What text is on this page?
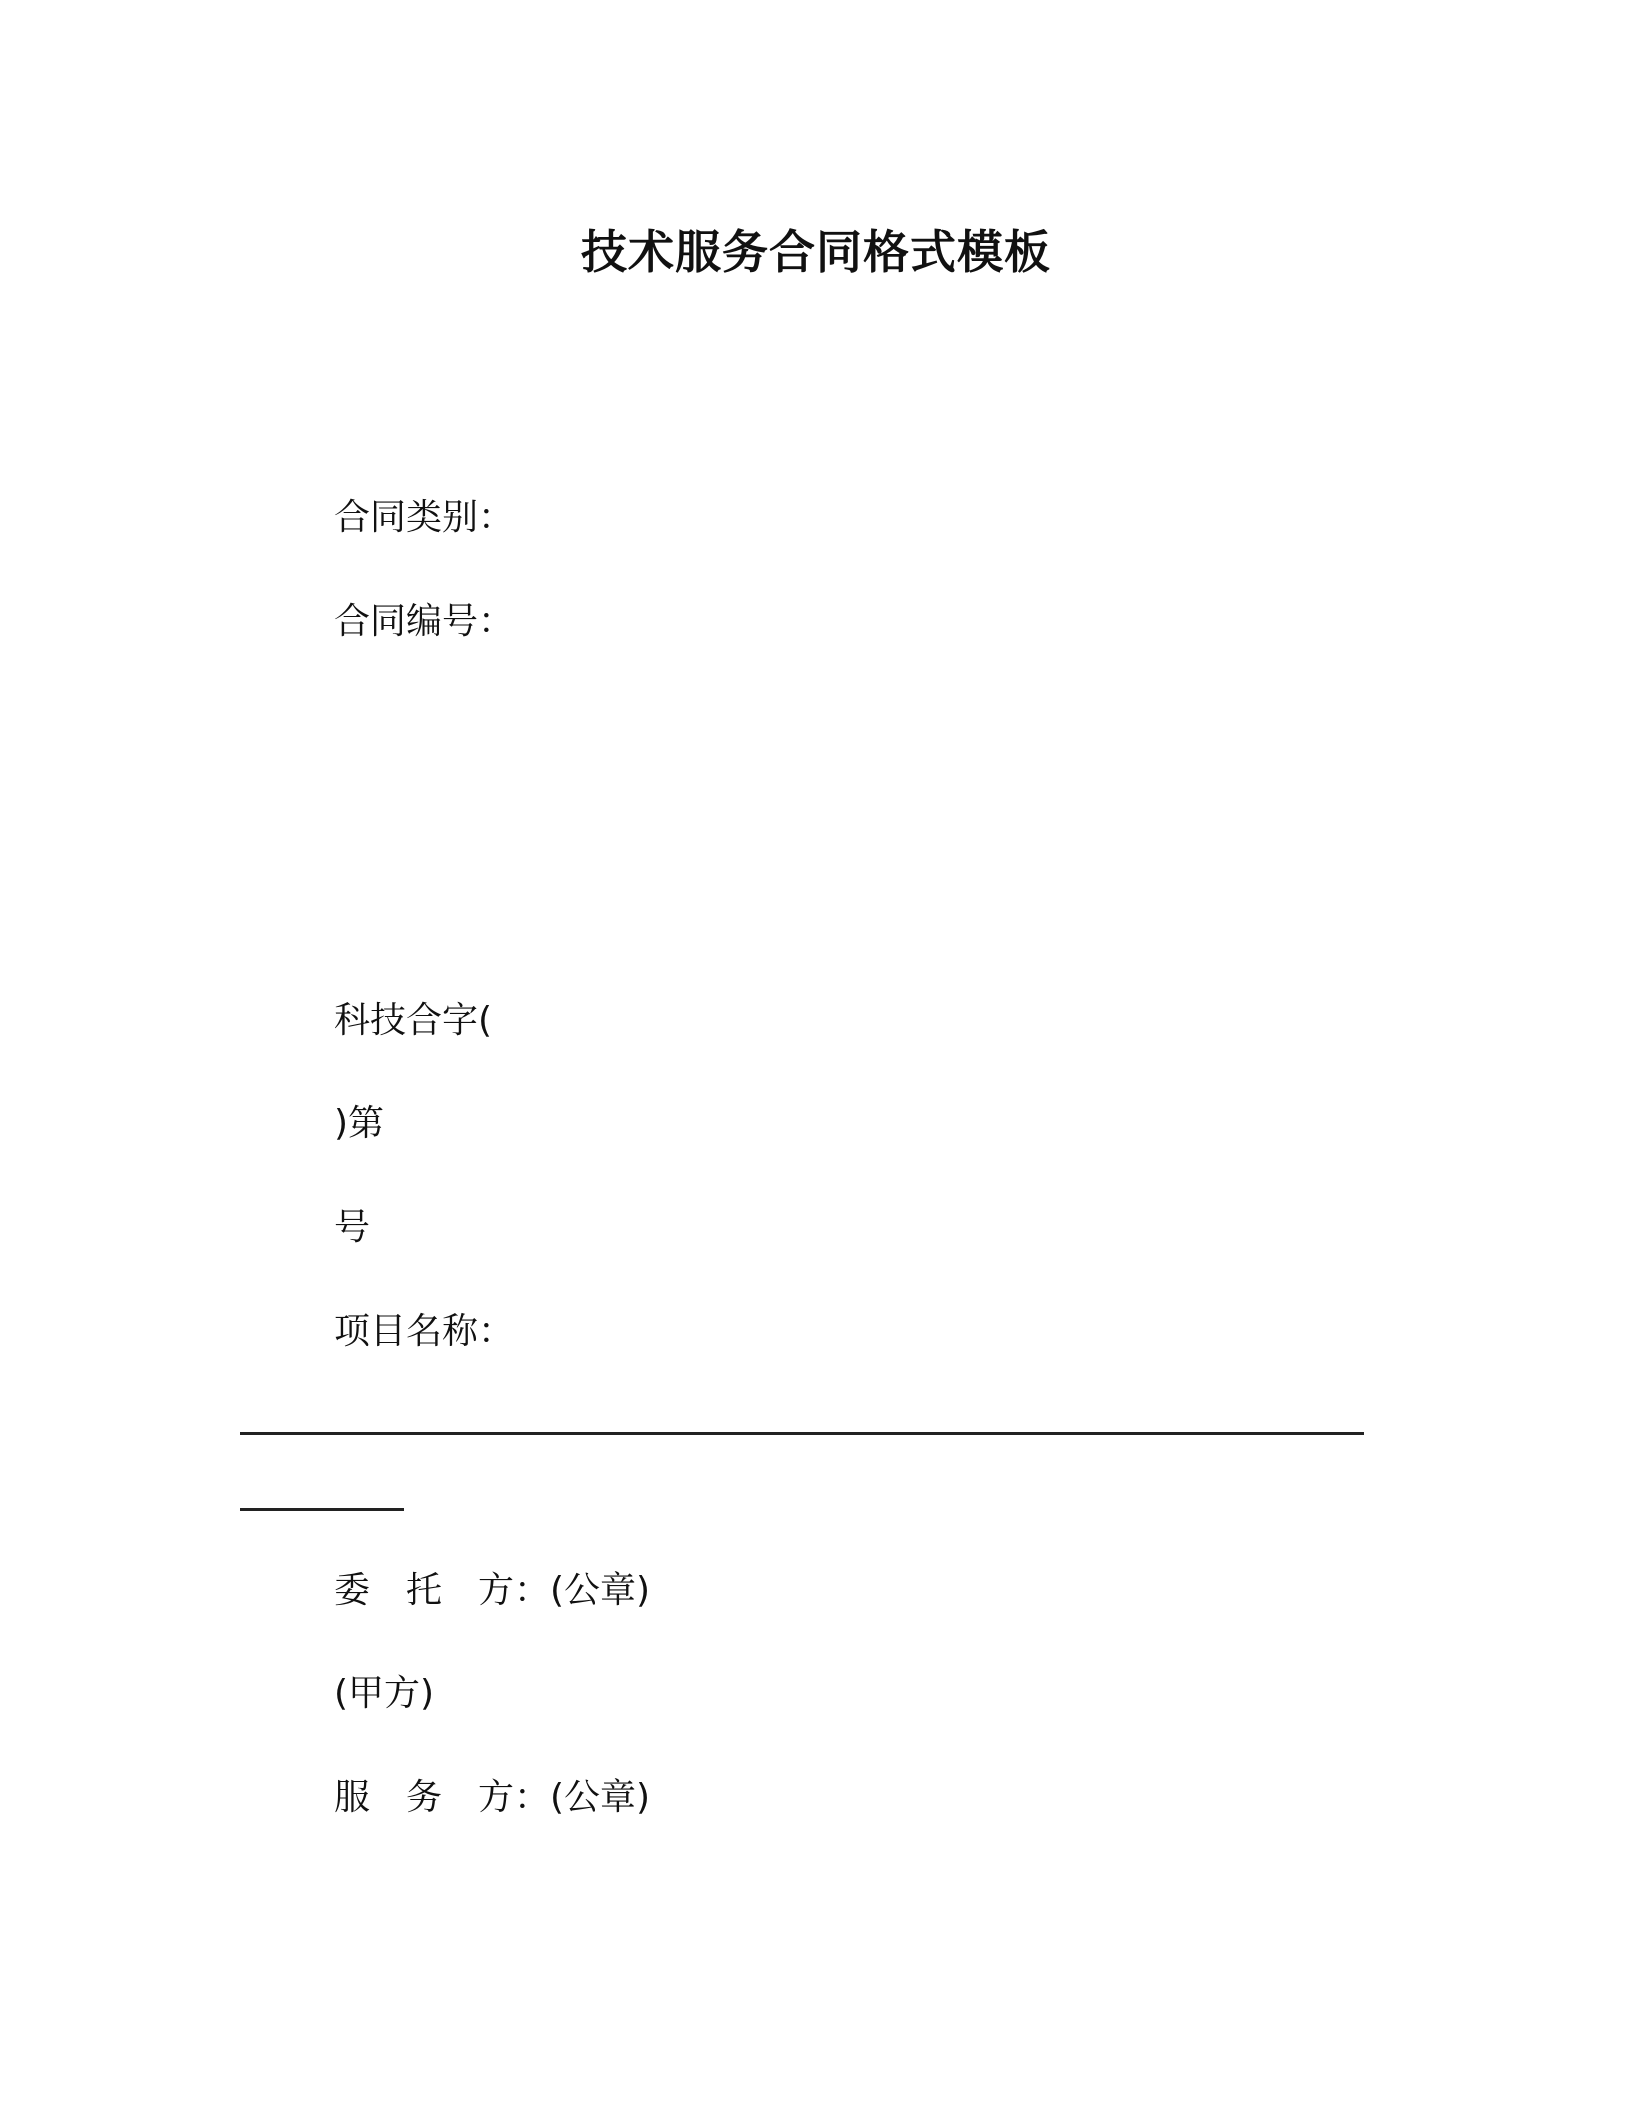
技术服务合同格式模板
合同类别：
合同编号：
科技合字(
)第
号
项目名称：
委　托　方：(公章)
(甲方)
服　务　方：(公章)
